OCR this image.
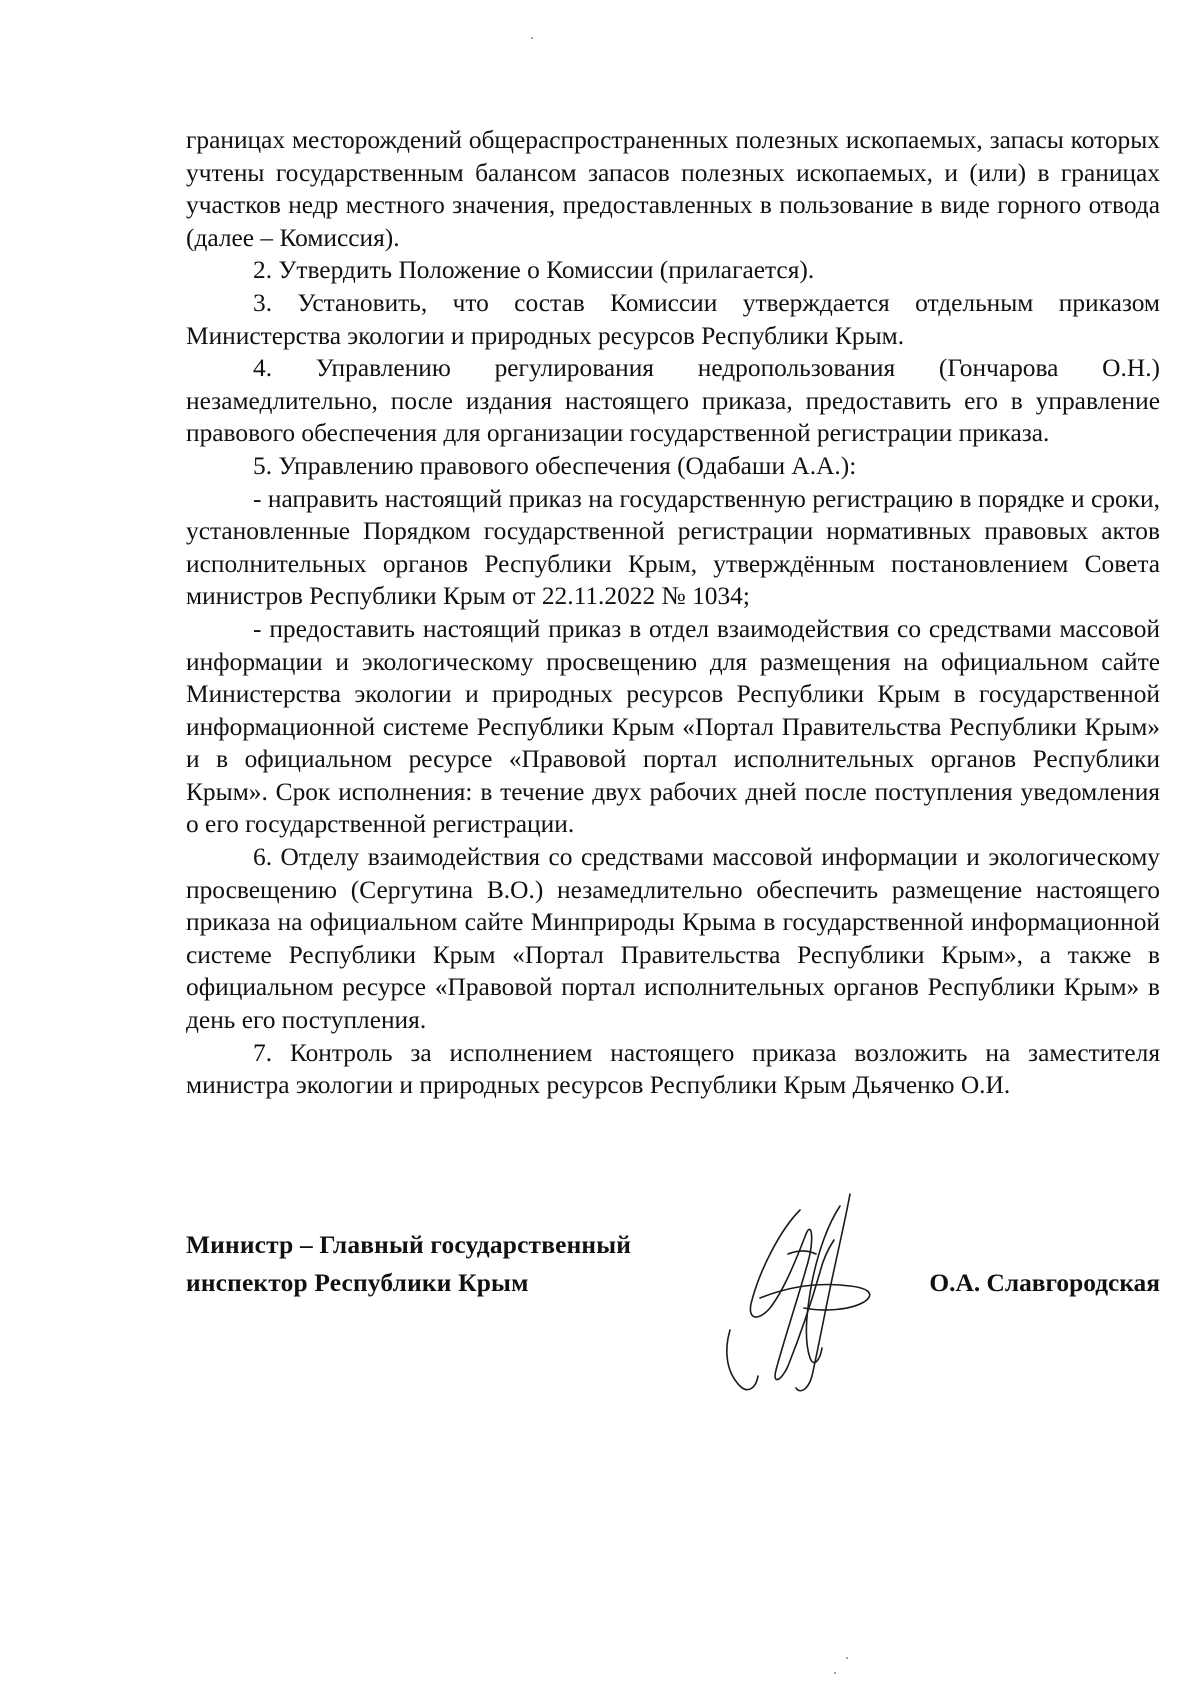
границах месторождений общераспространенных полезных ископаемых, запасы которых учтены государственным балансом запасов полезных ископаемых, и (или) в границах участков недр местного значения, предоставленных в пользование в виде горного отвода (далее – Комиссия).

2. Утвердить Положение о Комиссии (прилагается).

3. Установить, что состав Комиссии утверждается отдельным приказом Министерства экологии и природных ресурсов Республики Крым.

4. Управлению регулирования недропользования (Гончарова О.Н.) незамедлительно, после издания настоящего приказа, предоставить его в управление правового обеспечения для организации государственной регистрации приказа.

5. Управлению правового обеспечения (Одабаши А.А.):

- направить настоящий приказ на государственную регистрацию в порядке и сроки, установленные Порядком государственной регистрации нормативных правовых актов исполнительных органов Республики Крым, утверждённым постановлением Совета министров Республики Крым от 22.11.2022 № 1034;

- предоставить настоящий приказ в отдел взаимодействия со средствами массовой информации и экологическому просвещению для размещения на официальном сайте Министерства экологии и природных ресурсов Республики Крым в государственной информационной системе Республики Крым «Портал Правительства Республики Крым» и в официальном ресурсе «Правовой портал исполнительных органов Республики Крым». Срок исполнения: в течение двух рабочих дней после поступления уведомления о его государственной регистрации.

6. Отделу взаимодействия со средствами массовой информации и экологическому просвещению (Сергутина В.О.) незамедлительно обеспечить размещение настоящего приказа на официальном сайте Минприроды Крыма в государственной информационной системе Республики Крым «Портал Правительства Республики Крым», а также в официальном ресурсе «Правовой портал исполнительных органов Республики Крым» в день его поступления.

7. Контроль за исполнением настоящего приказа возложить на заместителя министра экологии и природных ресурсов Республики Крым Дьяченко О.И.

Министр – Главный государственный
инспектор Республики Крым	О.А. Славгородская
